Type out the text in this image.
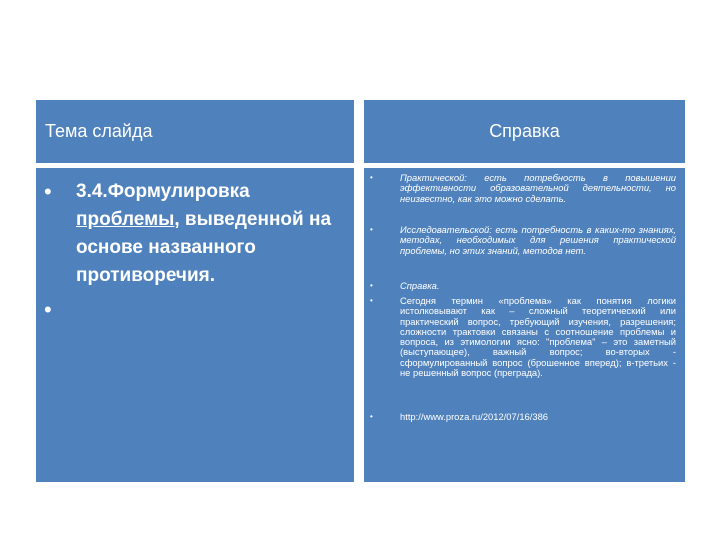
Тема слайда	Справка
• 3.4.Формулировка проблемы, выведенной на основе названного противоречия.
•
•	Практической: есть потребность в повышении эффективности образовательной деятельности, но неизвестно, как это можно сделать.
•	Исследовательской: есть потребность в каких-то знаниях, методах, необходимых для решения практической проблемы, но этих знаний, методов нет.
•	Справка.
•	Сегодня термин «проблема» как понятия логики истолковывают как – сложный теоретический или практический вопрос, требующий изучения, разрешения; сложности трактовки связаны с соотношение проблемы и вопроса, из этимологии ясно: "проблема" – это заметный (выступающее), важный вопрос; во-вторых - сформулированный вопрос (брошенное вперед); в-третьих - не решенный вопрос (преграда).
•	http://www.proza.ru/2012/07/16/386
